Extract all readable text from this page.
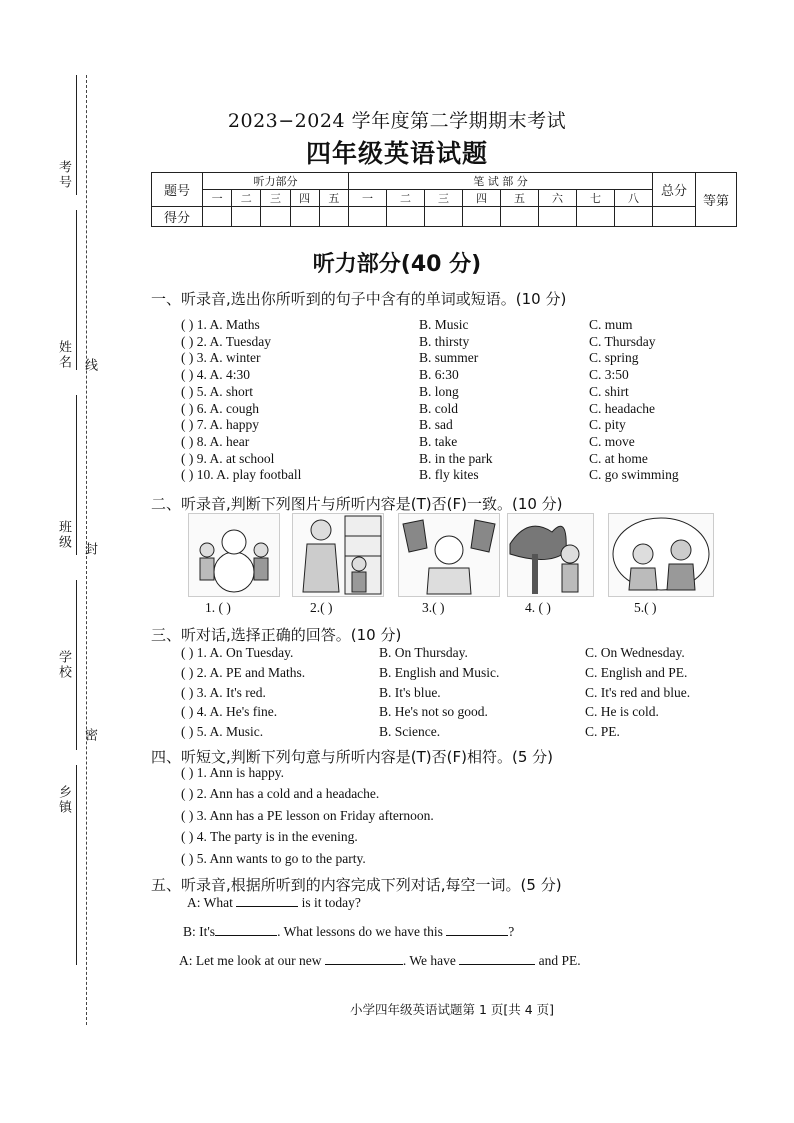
考号
姓名
班级
学校
乡镇
线
封
密
2023−2024 学年度第二学期期末考试
四年级英语试题
题号	听力部分					笔 试 部 分								总分	等第
	一	二	三	四	五	一	二	三	四	五	六	七	八		
得分															
听力部分(40 分)
一、听录音,选出你所听到的句子中含有的单词或短语。(10 分)
( ) 1. A. Maths	B. Music	C. mum
( ) 2. A. Tuesday	B. thirsty	C. Thursday
( ) 3. A. winter	B. summer	C. spring
( ) 4. A. 4:30	B. 6:30	C. 3:50
( ) 5. A. short	B. long	C. shirt
( ) 6. A. cough	B. cold	C. headache
( ) 7. A. happy	B. sad	C. pity
( ) 8. A. hear	B. take	C. move
( ) 9. A. at school	B. in the park	C. at home
( ) 10. A. play football	B. fly kites	C. go swimming
二、听录音,判断下列图片与所听内容是(T)否(F)一致。(10 分)
1. ( )	2.( )	3.( )	4. ( )	5.( )
三、听对话,选择正确的回答。(10 分)
( ) 1. A. On Tuesday.	B. On Thursday.	C. On Wednesday.
( ) 2. A. PE and Maths.	B. English and Music.	C. English and PE.
( ) 3. A. It's red.	B. It's blue.	C. It's red and blue.
( ) 4. A. He's fine.	B. He's not so good.	C. He is cold.
( ) 5. A. Music.	B. Science.	C. PE.
四、听短文,判断下列句意与所听内容是(T)否(F)相符。(5 分)
( ) 1. Ann is happy.
( ) 2. Ann has a cold and a headache.
( ) 3. Ann has a PE lesson on Friday afternoon.
( ) 4. The party is in the evening.
( ) 5. Ann wants to go to the party.
五、听录音,根据所听到的内容完成下列对话,每空一词。(5 分)
A: What	is it today?
B: It's	. What lessons do we have this	?
A: Let me look at our new	. We have	and PE.
小学四年级英语试题第 1 页[共 4 页]
